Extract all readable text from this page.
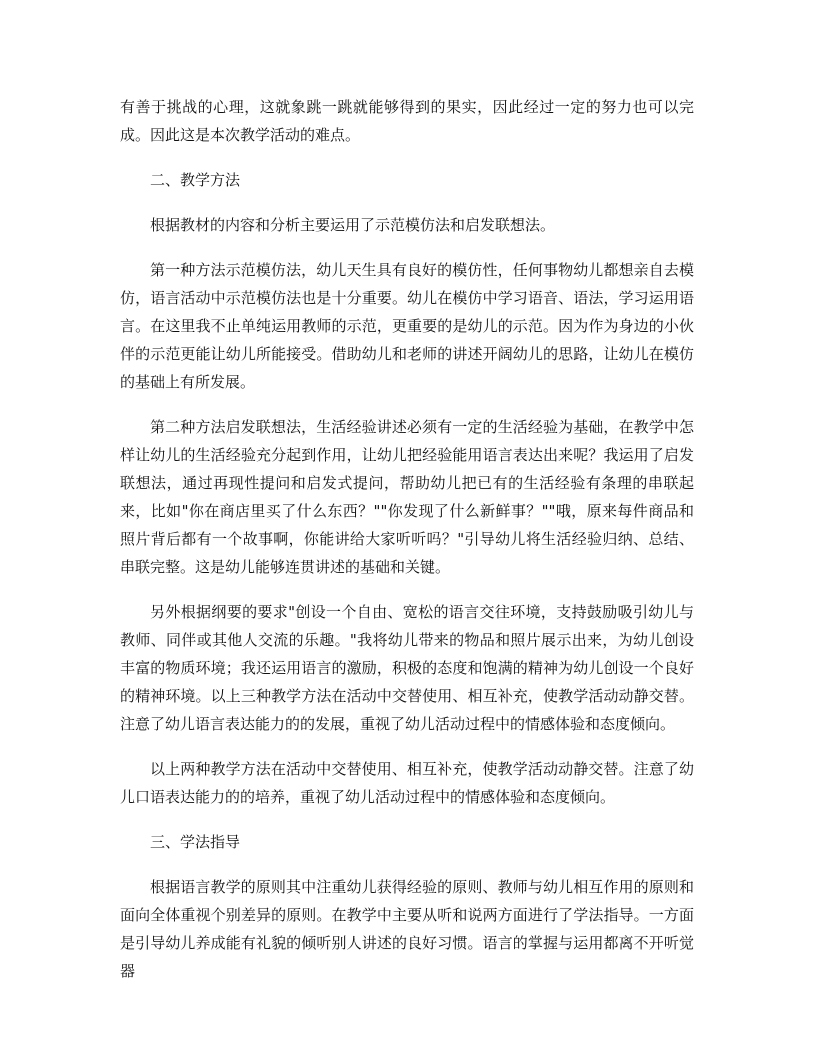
有善于挑战的心理，这就象跳一跳就能够得到的果实，因此经过一定的努力也可以完成。因此这是本次教学活动的难点。

二、教学方法

根据教材的内容和分析主要运用了示范模仿法和启发联想法。

第一种方法示范模仿法，幼儿天生具有良好的模仿性，任何事物幼儿都想亲自去模仿，语言活动中示范模仿法也是十分重要。幼儿在模仿中学习语音、语法，学习运用语言。在这里我不止单纯运用教师的示范，更重要的是幼儿的示范。因为作为身边的小伙伴的示范更能让幼儿所能接受。借助幼儿和老师的讲述开阔幼儿的思路，让幼儿在模仿的基础上有所发展。

第二种方法启发联想法，生活经验讲述必须有一定的生活经验为基础，在教学中怎样让幼儿的生活经验充分起到作用，让幼儿把经验能用语言表达出来呢？我运用了启发联想法，通过再现性提问和启发式提问，帮助幼儿把已有的生活经验有条理的串联起来，比如"你在商店里买了什么东西？""你发现了什么新鲜事？""哦，原来每件商品和照片背后都有一个故事啊，你能讲给大家听听吗？"引导幼儿将生活经验归纳、总结、串联完整。这是幼儿能够连贯讲述的基础和关键。

另外根据纲要的要求"创设一个自由、宽松的语言交往环境，支持鼓励吸引幼儿与教师、同伴或其他人交流的乐趣。"我将幼儿带来的物品和照片展示出来，为幼儿创设丰富的物质环境；我还运用语言的激励，积极的态度和饱满的精神为幼儿创设一个良好的精神环境。以上三种教学方法在活动中交替使用、相互补充，使教学活动动静交替。注意了幼儿语言表达能力的的发展，重视了幼儿活动过程中的情感体验和态度倾向。

以上两种教学方法在活动中交替使用、相互补充，使教学活动动静交替。注意了幼儿口语表达能力的的培养，重视了幼儿活动过程中的情感体验和态度倾向。

三、学法指导

根据语言教学的原则其中注重幼儿获得经验的原则、教师与幼儿相互作用的原则和面向全体重视个别差异的原则。在教学中主要从听和说两方面进行了学法指导。一方面是引导幼儿养成能有礼貌的倾听别人讲述的良好习惯。语言的掌握与运用都离不开听觉器
